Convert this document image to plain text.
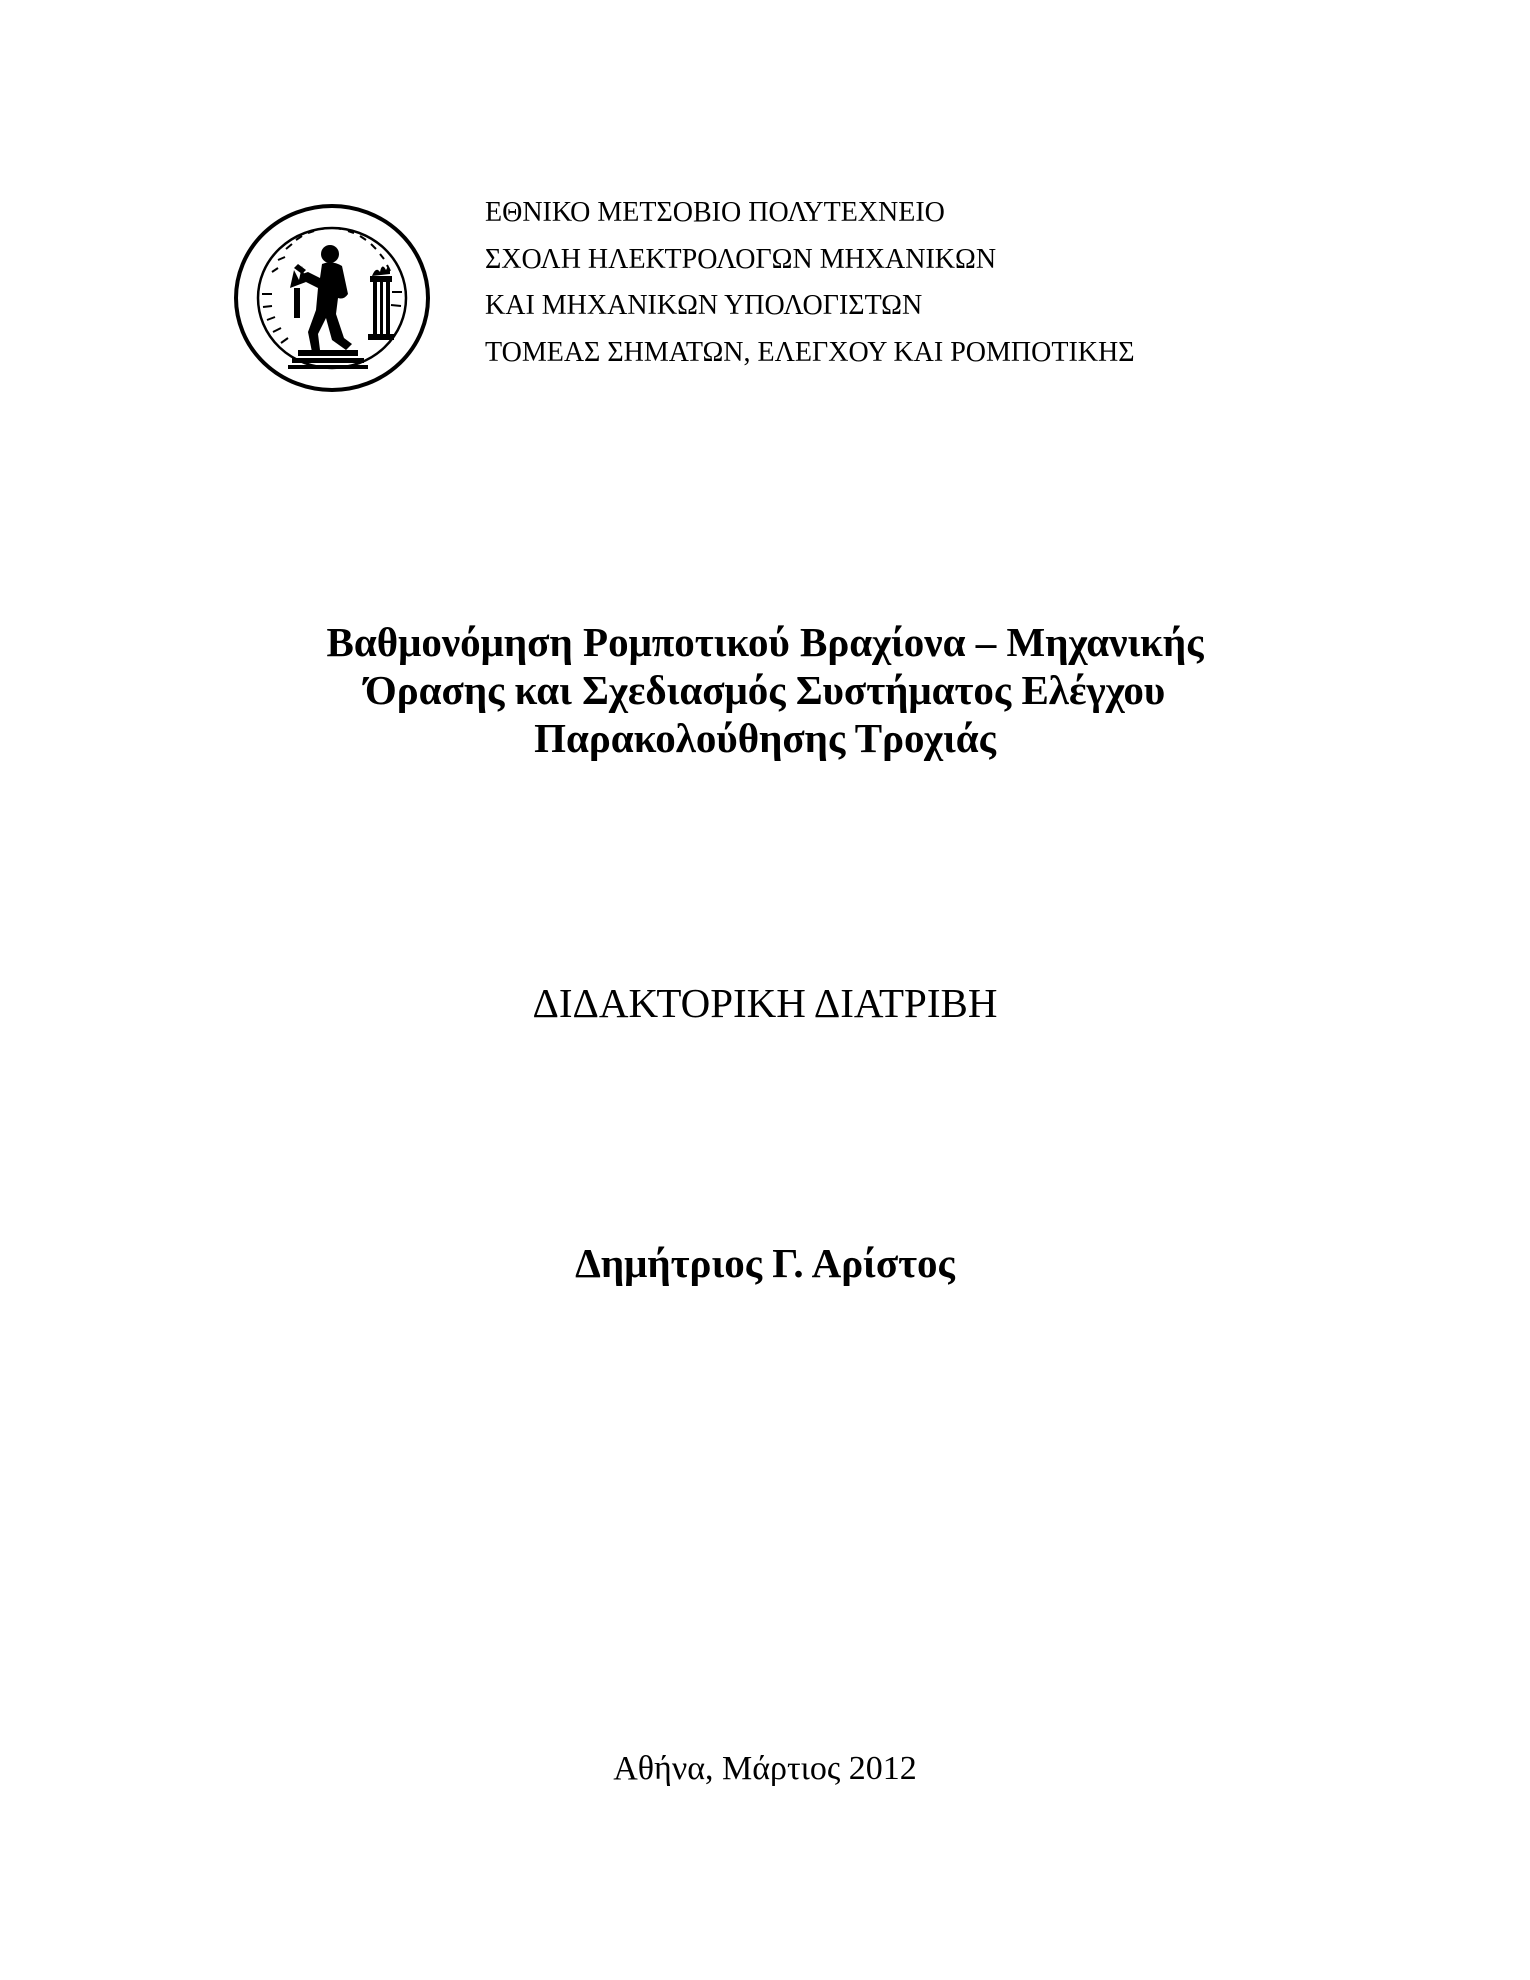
ΕΘΝΙΚΟ ΜΕΤΣΟΒΙΟ ΠΟΛΥΤΕΧΝΕΙΟ
ΣΧΟΛΗ ΗΛΕΚΤΡΟΛΟΓΩΝ ΜΗΧΑΝΙΚΩΝ
ΚΑΙ ΜΗΧΑΝΙΚΩΝ ΥΠΟΛΟΓΙΣΤΩΝ
ΤΟΜΕΑΣ ΣΗΜΑΤΩΝ, ΕΛΕΓΧΟΥ ΚΑΙ ΡΟΜΠΟΤΙΚΗΣ
Βαθμονόμηση Ρομποτικού Βραχίονα – Μηχανικής
Όρασης και Σχεδιασμός Συστήματος Ελέγχου
Παρακολούθησης Τροχιάς
ΔΙΔΑΚΤΟΡΙΚΗ ΔΙΑΤΡΙΒΗ
Δημήτριος Γ. Αρίστος
Αθήνα, Μάρτιος 2012
